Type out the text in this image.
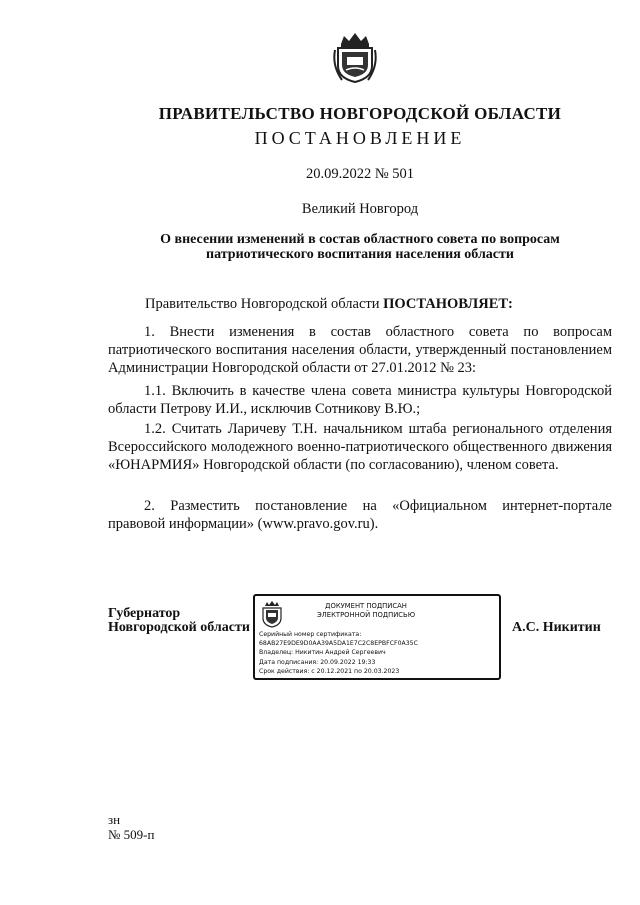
ПРАВИТЕЛЬСТВО НОВГОРОДСКОЙ ОБЛАСТИ
ПОСТАНОВЛЕНИЕ
20.09.2022 № 501
Великий Новгород
О внесении изменений в состав областного совета по вопросам патриотического воспитания населения области
Правительство Новгородской области ПОСТАНОВЛЯЕТ:
1. Внести изменения в состав областного совета по вопросам патриотического воспитания населения области, утвержденный постановлением Администрации Новгородской области от 27.01.2012 № 23:
1.1. Включить в качестве члена совета министра культуры Новгородской области Петрову И.И., исключив Сотникову В.Ю.;
1.2. Считать Ларичеву Т.Н. начальником штаба регионального отделения Всероссийского молодежного военно-патриотического общественного движения «ЮНАРМИЯ» Новгородской области (по согласованию), членом совета.
2. Разместить постановление на «Официальном интернет-портале правовой информации» (www.pravo.gov.ru).
Губернатор
Новгородской области
ДОКУМЕНТ ПОДПИСАН
ЭЛЕКТРОННОЙ ПОДПИСЬЮ
Серийный номер сертификата:
68AB27E9DE9D0AA39A5DA1E7C2C8EPBFCF0A35C
Владелец: Никитин Андрей Сергеевич
Дата подписания: 20.09.2022 19:33
Срок действия: с 20.12.2021 по 20.03.2023
А.С. Никитин
зн
№ 509-п
